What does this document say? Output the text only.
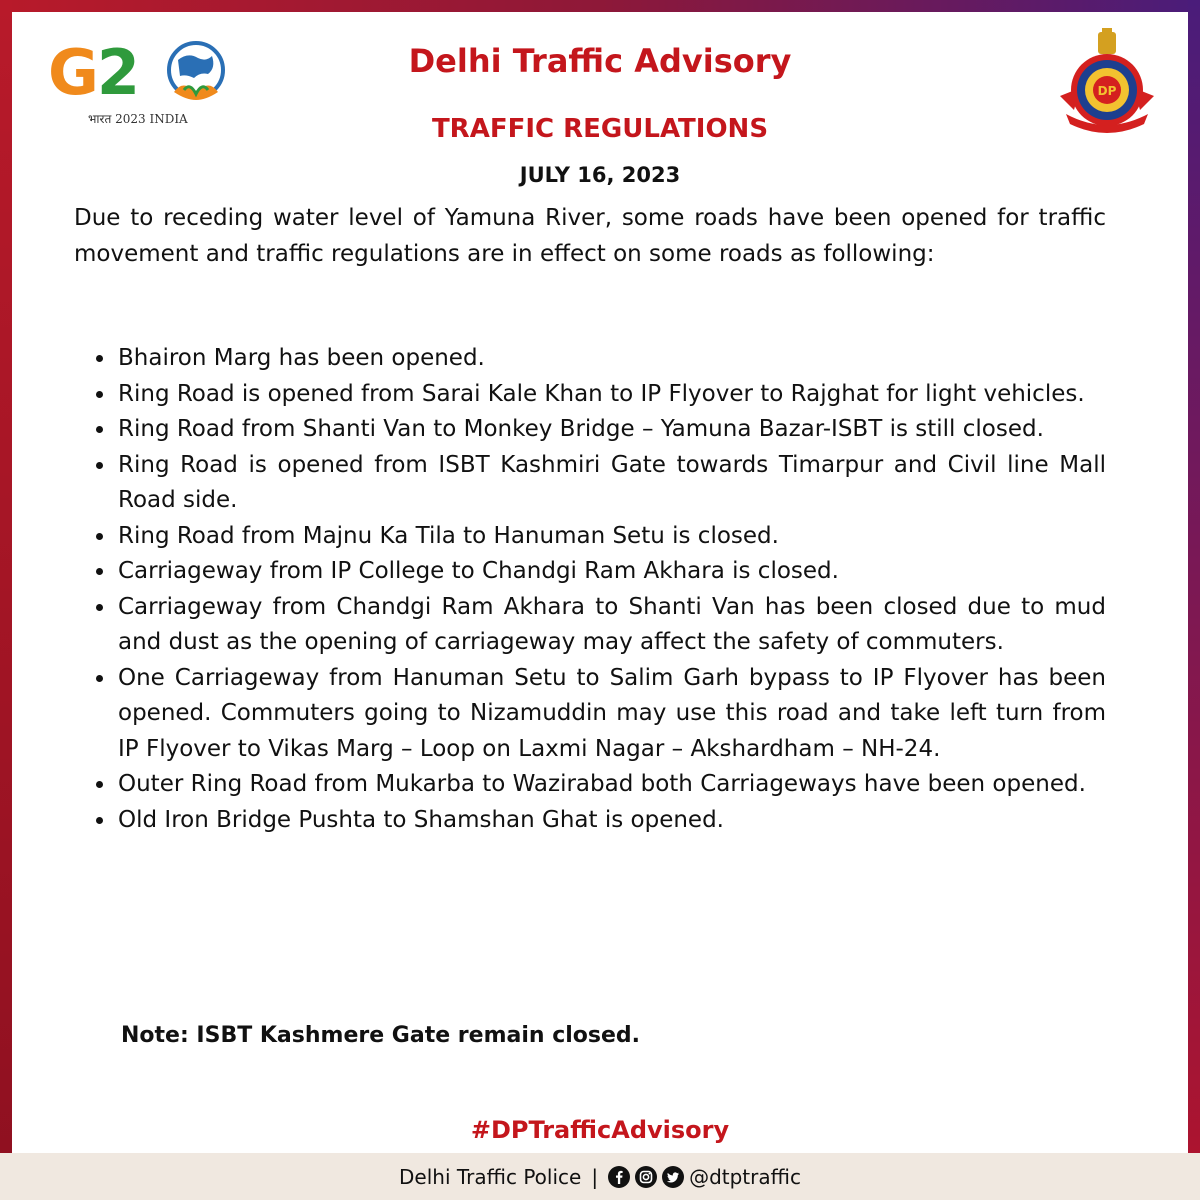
G2
भारत 2023 INDIA
DP
Delhi Traffic Advisory
TRAFFIC REGULATIONS
JULY 16, 2023

Due to receding water level of Yamuna River, some roads have been opened for traffic movement and traffic regulations are in effect on some roads as following:

Bhairon Marg has been opened.
Ring Road is opened from Sarai Kale Khan to IP Flyover to Rajghat for light vehicles.
Ring Road from Shanti Van to Monkey Bridge – Yamuna Bazar-ISBT is still closed.
Ring Road is opened from ISBT Kashmiri Gate towards Timarpur and Civil line Mall Road side.
Ring Road from Majnu Ka Tila to Hanuman Setu is closed.
Carriageway from IP College to Chandgi Ram Akhara is closed.
Carriageway from Chandgi Ram Akhara to Shanti Van has been closed due to mud and dust as the opening of carriageway may affect the safety of commuters.
One Carriageway from Hanuman Setu to Salim Garh bypass to IP Flyover has been opened. Commuters going to Nizamuddin may use this road and take left turn from IP Flyover to Vikas Marg – Loop on Laxmi Nagar – Akshardham – NH-24.
Outer Ring Road from Mukarba to Wazirabad both Carriageways have been opened.
Old Iron Bridge Pushta to Shamshan Ghat is opened.
Note: ISBT Kashmere Gate remain closed.
#DPTrafficAdvisory
Delhi Traffic Police |	@dtptraffic
